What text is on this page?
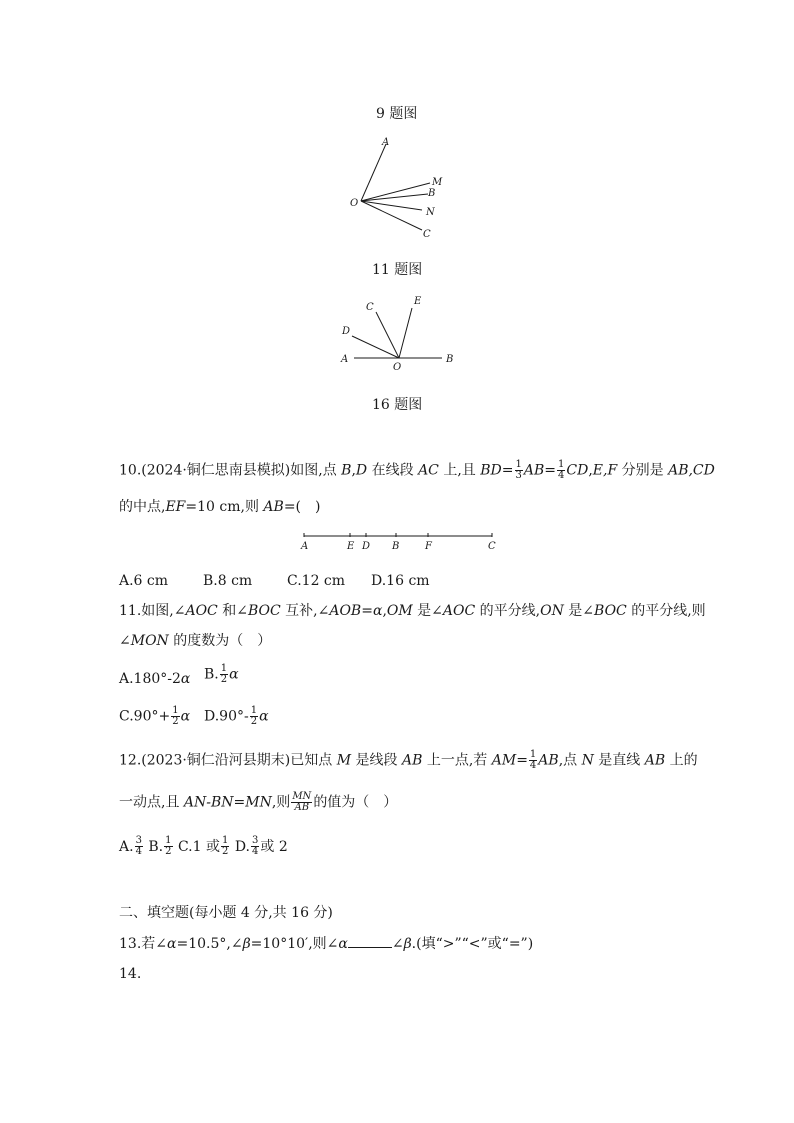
9 题图
A
O
M
B
N
C
11 题图
A
O
B
C
D
E
16 题图
10.(2024·铜仁思南县模拟)如图,点 B,D 在线段 AC 上,且 $BD= \frac{1}{3} AB= \frac{1}{4} CD,E,F$ 分别是 AB,CD
的中点,EF=10 cm,则 AB=(　)
A	E D B	F	C
A.6 cm B.8 cm C.12 cm D.16 cm
11.如图,∠AOC 和∠BOC 互补,∠AOB=α,OM 是∠AOC 的平分线,ON 是∠BOC 的平分线,则
∠MON 的度数为（　）
A.180°-2α B. $\frac{1}{2}$ α
$C.90^\circ+ \frac{1}{2}$ α $D.90^\circ- \frac{1}{2}$ α
12.(2023·铜仁沿河县期末)已知点 M 是线段 AB 上一点,若 $AM= \frac{1}{4}$ AB,点 N 是直线 AB 上的
一动点,且 AN-BN=MN,则 $\frac{MN}{AB}$ 的值为（　）
A. $\frac{3}{4} B$. $\frac{1}{2} C.1$ 或 $\frac{1}{2} D$. $\frac{3}{4}$ 或 2
二、填空题(每小题 4 分,共 16 分)
13.若∠α=10.5°,∠β=10°10′,则∠α	∠β.(填“>”“<”或“=”)
14.
